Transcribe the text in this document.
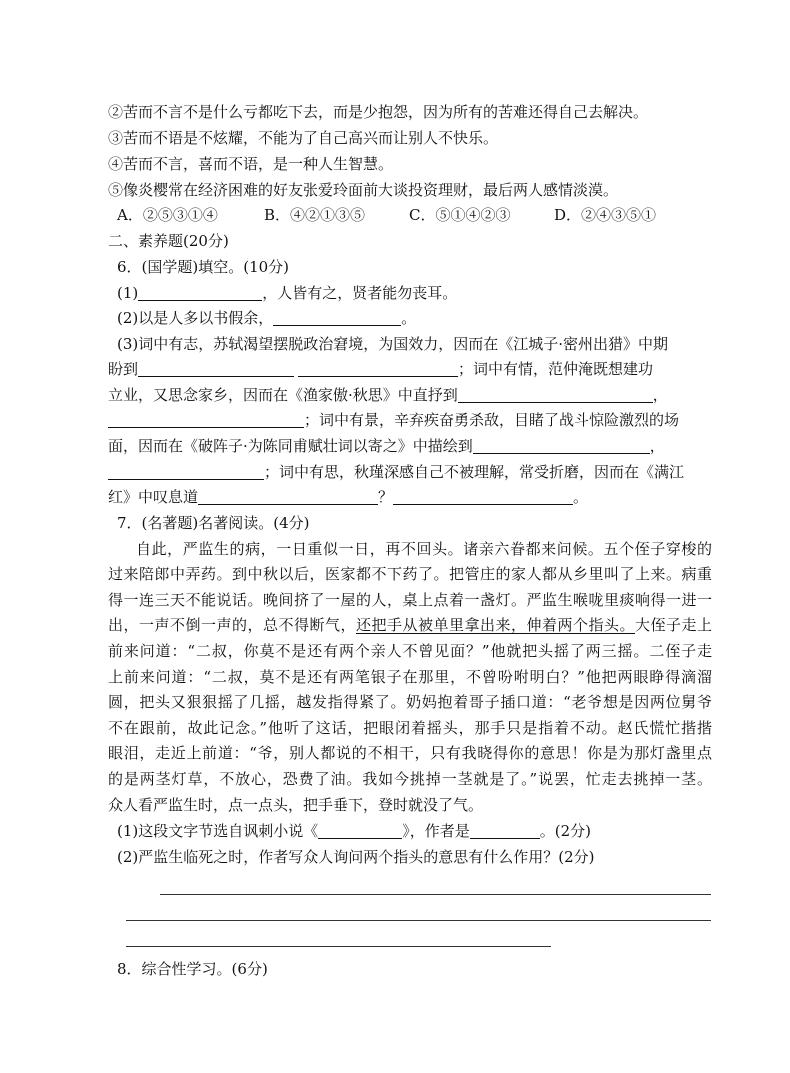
②苦而不言不是什么亏都吃下去，而是少抱怨，因为所有的苦难还得自己去解决。
③苦而不语是不炫耀，不能为了自己高兴而让别人不快乐。
④苦而不言，喜而不语，是一种人生智慧。
⑤像炎樱常在经济困难的好友张爱玲面前大谈投资理财，最后两人感情淡漠。
A．②⑤③①④	B．④②①③⑤	C．⑤①④②③	D．②④③⑤①
二、素养题(20分)
6．(国学题)填空。(10分)
(1)	，人皆有之，贤者能勿丧耳。
(2)以是人多以书假余，	。
(3)词中有志，苏轼渴望摆脱政治窘境，为国效力，因而在《江城子·密州出猎》中期
盼到	；词中有情，范仲淹既想建功
立业，又思念家乡，因而在《渔家傲·秋思》中直抒到	，
；词中有景，辛弃疾奋勇杀敌，目睹了战斗惊险激烈的场
面，因而在《破阵子·为陈同甫赋壮词以寄之》中描绘到	，
；词中有思，秋瑾深感自己不被理解，常受折磨，因而在《满江
红》中叹息道	？	。
7．(名著题)名著阅读。(4分)
自此，严监生的病，一日重似一日，再不回头。诸亲六眷都来问候。五个侄子穿梭的
过来陪郎中弄药。到中秋以后，医家都不下药了。把管庄的家人都从乡里叫了上来。病重
得一连三天不能说话。晚间挤了一屋的人，桌上点着一盏灯。严监生喉咙里痰响得一进一
出，一声不倒一声的，总不得断气，还把手从被单里拿出来，伸着两个指头。大侄子走上
前来问道：“二叔，你莫不是还有两个亲人不曾见面？”他就把头摇了两三摇。二侄子走
上前来问道：“二叔，莫不是还有两笔银子在那里，不曾吩咐明白？”他把两眼睁得滴溜
圆，把头又狠狠摇了几摇，越发指得紧了。奶妈抱着哥子插口道：“老爷想是因两位舅爷
不在跟前，故此记念。”他听了这话，把眼闭着摇头，那手只是指着不动。赵氏慌忙揩揩
眼泪，走近上前道：“爷，别人都说的不相干，只有我晓得你的意思！你是为那灯盏里点
的是两茎灯草，不放心，恐费了油。我如今挑掉一茎就是了。”说罢，忙走去挑掉一茎。
众人看严监生时，点一点头，把手垂下，登时就没了气。
(1)这段文字节选自讽刺小说《	》，作者是	。(2分)
(2)严监生临死之时，作者写众人询问两个指头的意思有什么作用？(2分)
8．综合性学习。(6分)
